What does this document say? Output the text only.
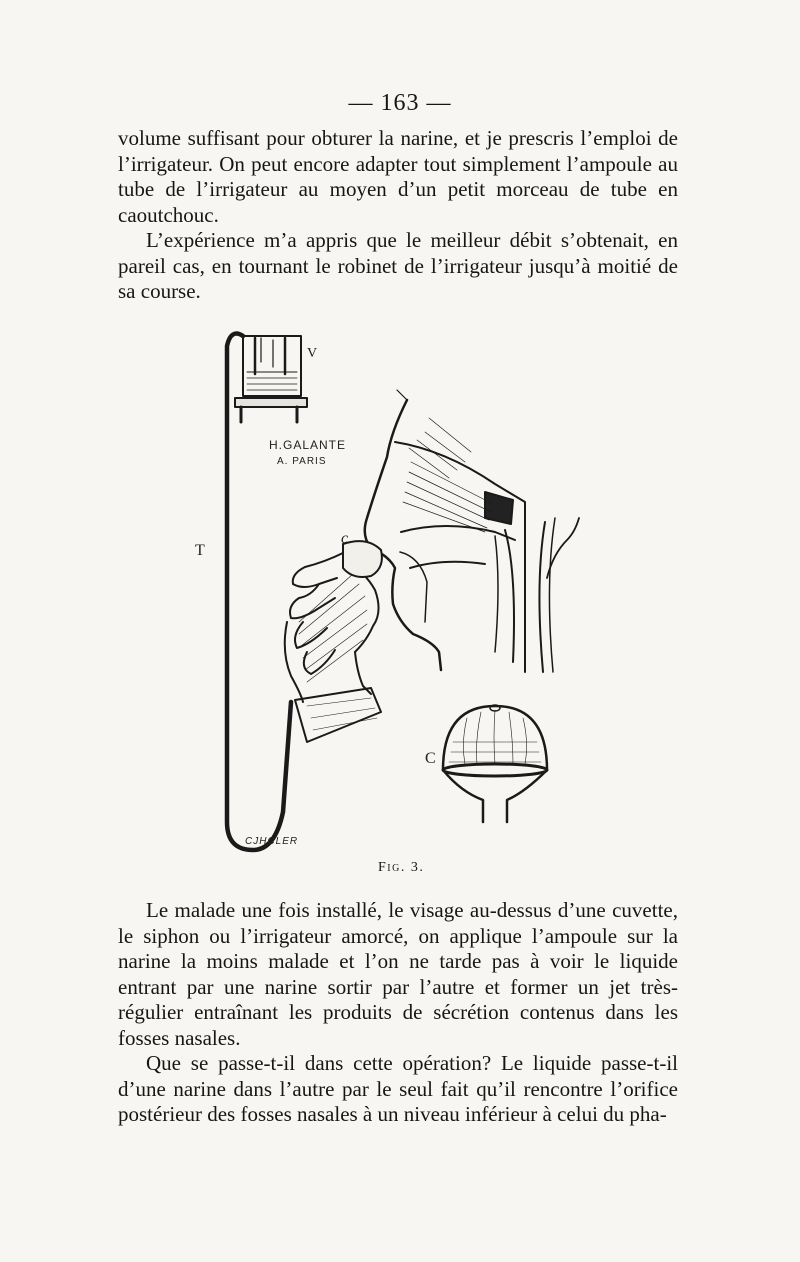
— 163 —

volume suffisant pour obturer la narine, et je prescris l’emploi de l’irrigateur. On peut encore adapter tout simplement l’ampoule au tube de l’irrigateur au moyen d’un petit morceau de tube en caoutchouc.

L’expérience m’a appris que le meilleur débit s’obtenait, en pareil cas, en tournant le robinet de l’irrigateur jusqu’à moitié de sa course.

V
T
c
C
H.GALANTE
A. PARIS
CJHCLER
Fig. 3.

Le malade une fois installé, le visage au-dessus d’une cuvette, le siphon ou l’irrigateur amorcé, on applique l’ampoule sur la narine la moins malade et l’on ne tarde pas à voir le liquide entrant par une narine sortir par l’autre et former un jet très-régulier entraînant les produits de sécrétion contenus dans les fosses nasales.

Que se passe-t-il dans cette opération? Le liquide passe-t-il d’une narine dans l’autre par le seul fait qu’il rencontre l’orifice postérieur des fosses nasales à un niveau inférieur à celui du pha-
